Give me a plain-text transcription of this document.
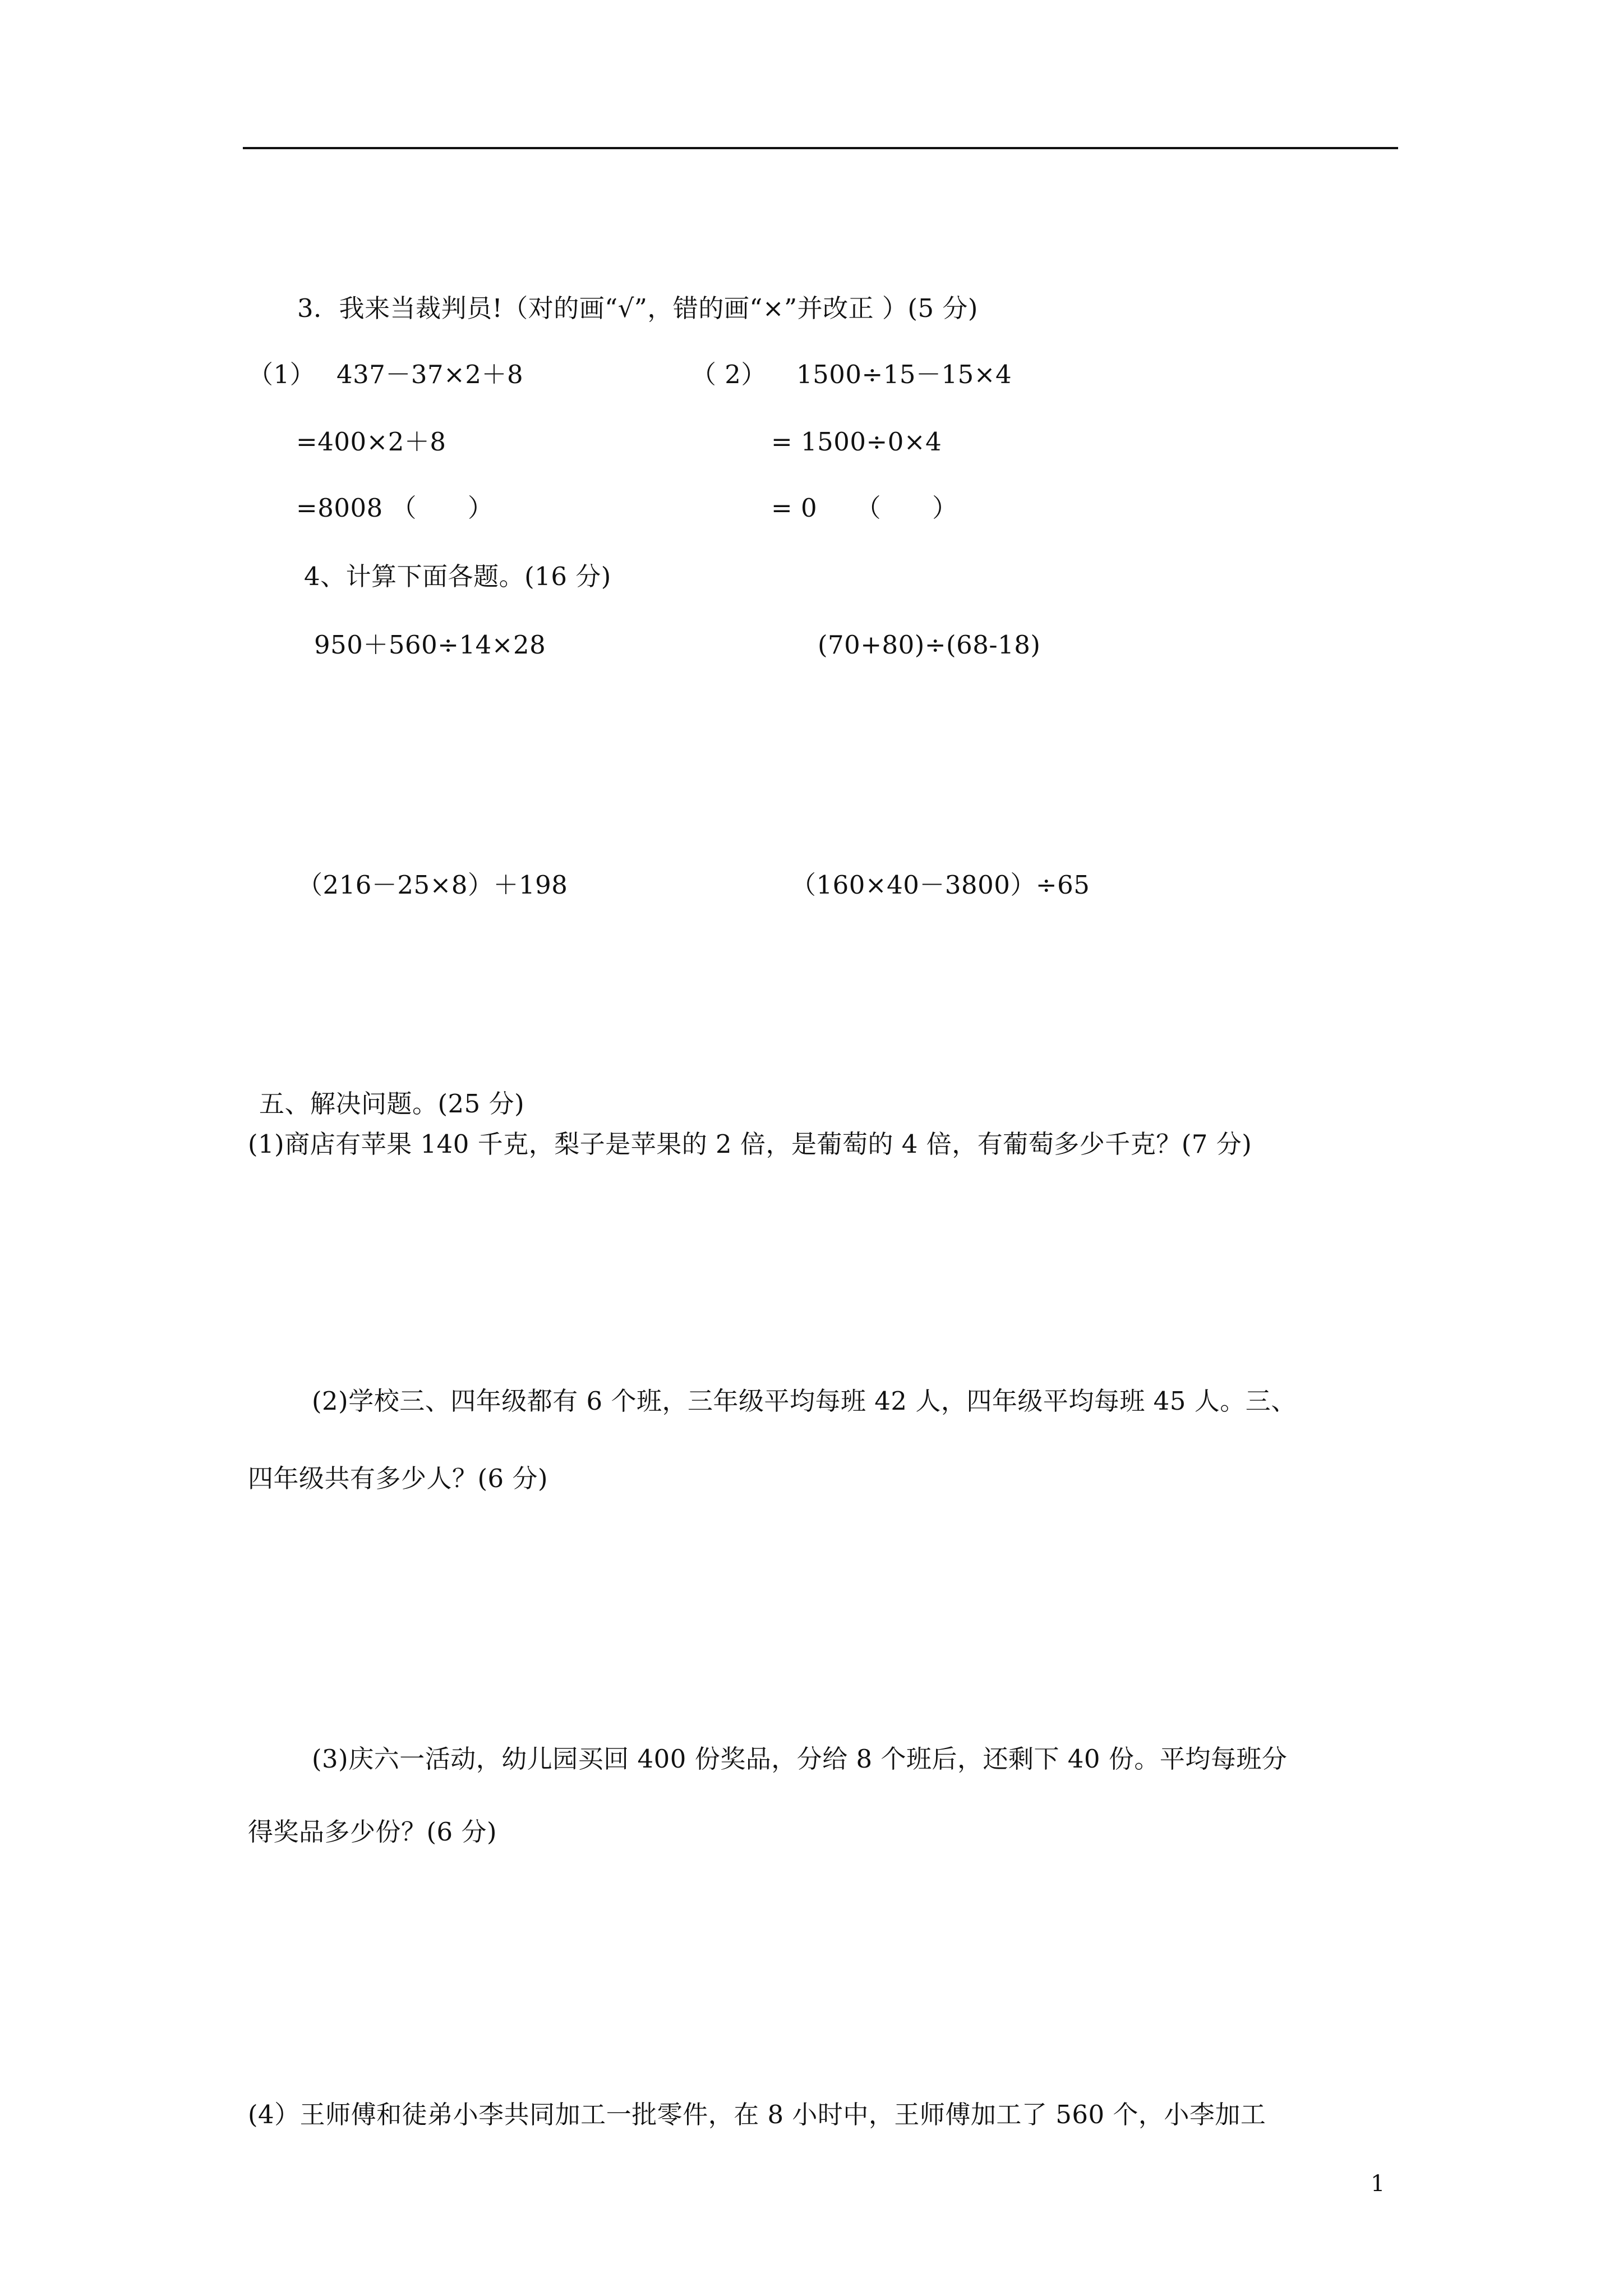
3．我来当裁判员!（对的画“√”，错的画“×”并改正 ）(5 分)
（1） 437－37×2＋8
=400×2＋8
=8008 （　　）
（ 2） 1500÷15－15×4
= 1500÷0×4
= 0　　（　　）
4、计算下面各题。(16 分)
950＋560÷14×28	(70+80)÷(68-18)
（216－25×8）＋198	（160×40－3800）÷65
五、解决问题。(25 分)
(1)商店有苹果 140 千克，梨子是苹果的 2 倍，是葡萄的 4 倍，有葡萄多少千克？(7 分)
(2)学校三、四年级都有 6 个班，三年级平均每班 42 人，四年级平均每班 45 人。三、
四年级共有多少人？(6 分)
(3)庆六一活动，幼儿园买回 400 份奖品，分给 8 个班后，还剩下 40 份。平均每班分
得奖品多少份？(6 分)
(4）王师傅和徒弟小李共同加工一批零件，在 8 小时中，王师傅加工了 560 个，小李加工
1
